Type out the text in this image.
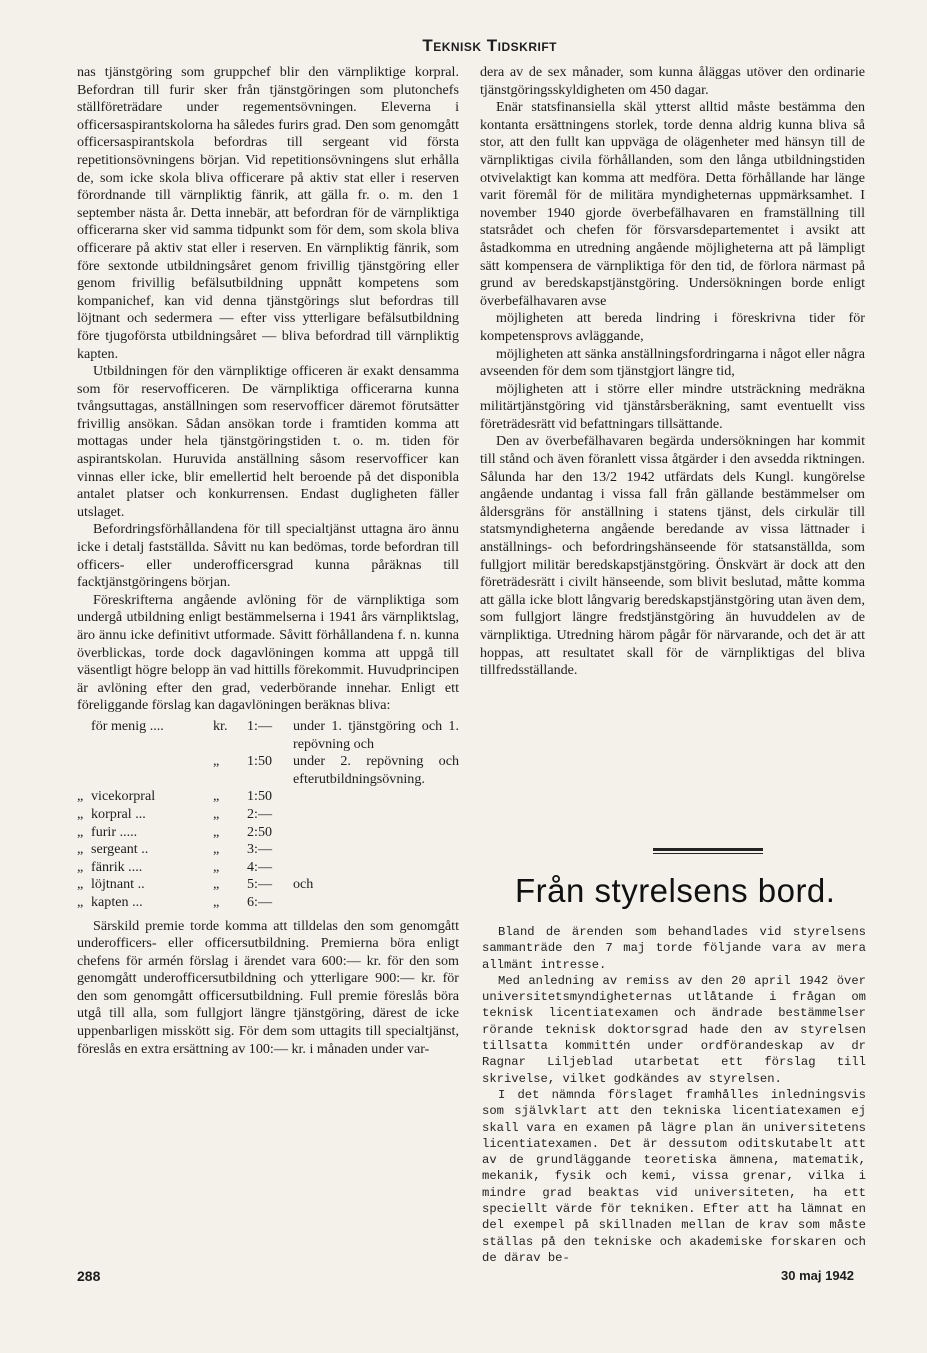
Teknisk Tidskrift

nas tjänstgöring som gruppchef blir den värnpliktige korpral. Befordran till furir sker från tjänstgöringen som plutonchefs ställföreträdare under regementsövningen. Eleverna i officersaspirantskolorna ha således furirs grad. Den som genomgått officersaspirantskola befordras till sergeant vid första repetitionsövningens början. Vid repetitionsövningens slut erhålla de, som icke skola bliva officerare på aktiv stat eller i reserven förordnande till värnpliktig fänrik, att gälla fr. o. m. den 1 september nästa år. Detta innebär, att befordran för de värnpliktiga officerarna sker vid samma tidpunkt som för dem, som skola bliva officerare på aktiv stat eller i reserven. En värnpliktig fänrik, som före sextonde utbildningsåret genom frivillig tjänstgöring eller genom frivillig befälsutbildning uppnått kompetens som kompanichef, kan vid denna tjänstgörings slut befordras till löjtnant och sedermera — efter viss ytterligare befälsutbildning före tjugoförsta utbildningsåret — bliva befordrad till värnpliktig kapten.

Utbildningen för den värnpliktige officeren är exakt densamma som för reservofficeren. De värnpliktiga officerarna kunna tvångsuttagas, anställningen som reservofficer däremot förutsätter frivillig ansökan. Sådan ansökan torde i framtiden komma att mottagas under hela tjänstgöringstiden t. o. m. tiden för aspirantskolan. Huruvida anställning såsom reservofficer kan vinnas eller icke, blir emellertid helt beroende på det disponibla antalet platser och konkurrensen. Endast dugligheten fäller utslaget.

Befordringsförhållandena för till specialtjänst uttagna äro ännu icke i detalj fastställda. Såvitt nu kan bedömas, torde befordran till officers- eller underofficersgrad kunna påräknas till facktjänstgöringens början.

Föreskrifterna angående avlöning för de värnpliktiga som undergå utbildning enligt bestämmelserna i 1941 års värnpliktslag, äro ännu icke definitivt utformade. Såvitt förhållandena f. n. kunna överblickas, torde dock dagavlöningen komma att uppgå till väsentligt högre belopp än vad hittills förekommit. Huvudprincipen är avlöning efter den grad, vederbörande innehar. Enligt ett föreliggande förslag kan dagavlöningen beräknas bliva:

	för menig ....	kr.	1:—	under 1. tjänstgöring och 1. repövning och
		„	1:50	under 2. repövning och efterutbildningsövning.
„	vicekorpral	„	1:50	
„	korpral ...	„	2:—	
„	furir .....	„	2:50	
„	sergeant ..	„	3:—	
„	fänrik ....	„	4:—	
„	löjtnant ..	„	5:—	och
„	kapten ...	„	6:—	

Särskild premie torde komma att tilldelas den som genomgått underofficers- eller officersutbildning. Premierna böra enligt chefens för armén förslag i ärendet vara 600:— kr. för den som genomgått underofficersutbildning och ytterligare 900:— kr. för den som genomgått officersutbildning. Full premie föreslås böra utgå till alla, som fullgjort längre tjänstgöring, därest de icke uppenbarligen misskött sig. För dem som uttagits till specialtjänst, föreslås en extra ersättning av 100:— kr. i månaden under var-

dera av de sex månader, som kunna åläggas utöver den ordinarie tjänstgöringsskyldigheten om 450 dagar.

Enär statsfinansiella skäl ytterst alltid måste bestämma den kontanta ersättningens storlek, torde denna aldrig kunna bliva så stor, att den fullt kan uppväga de olägenheter med hänsyn till de värnpliktigas civila förhållanden, som den långa utbildningstiden otvivelaktigt kan komma att medföra. Detta förhållande har länge varit föremål för de militära myndigheternas uppmärksamhet. I november 1940 gjorde överbefälhavaren en framställning till statsrådet och chefen för försvarsdepartementet i avsikt att åstadkomma en utredning angående möjligheterna att på lämpligt sätt kompensera de värnpliktiga för den tid, de förlora närmast på grund av beredskapstjänstgöring. Undersökningen borde enligt överbefälhavaren avse

möjligheten att bereda lindring i föreskrivna tider för kompetensprovs avläggande,

möjligheten att sänka anställningsfordringarna i något eller några avseenden för dem som tjänstgjort längre tid,

möjligheten att i större eller mindre utsträckning medräkna militärtjänstgöring vid tjänstårsberäkning, samt eventuellt viss företrädesrätt vid befattningars tillsättande.

Den av överbefälhavaren begärda undersökningen har kommit till stånd och även föranlett vissa åtgärder i den avsedda riktningen. Sålunda har den 13/2 1942 utfärdats dels Kungl. kungörelse angående undantag i vissa fall från gällande bestämmelser om åldersgräns för anställning i statens tjänst, dels cirkulär till statsmyndigheterna angående beredande av vissa lättnader i anställnings- och befordringshänseende för statsanställda, som fullgjort militär beredskapstjänstgöring. Önskvärt är dock att den företrädesrätt i civilt hänseende, som blivit beslutad, måtte komma att gälla icke blott långvarig beredskapstjänstgöring utan även dem, som fullgjort längre fredstjänstgöring än huvuddelen av de värnpliktiga. Utredning härom pågår för närvarande, och det är att hoppas, att resultatet skall för de värnpliktigas del bliva tillfredsställande.

Från styrelsens bord.

Bland de ärenden som behandlades vid styrelsens sammanträde den 7 maj torde följande vara av mera allmänt intresse.

Med anledning av remiss av den 20 april 1942 över universitetsmyndigheternas utlåtande i frågan om teknisk licentiatexamen och ändrade bestämmelser rörande teknisk doktorsgrad hade den av styrelsen tillsatta kommittén under ordförandeskap av dr Ragnar Liljeblad utarbetat ett förslag till skrivelse, vilket godkändes av styrelsen.

I det nämnda förslaget framhålles inledningsvis som självklart att den tekniska licentiatexamen ej skall vara en examen på lägre plan än universitetens licentiatexamen. Det är dessutom oditskutabelt att av de grundläggande teoretiska ämnena, matematik, mekanik, fysik och kemi, vissa grenar, vilka i mindre grad beaktas vid universiteten, ha ett speciellt värde för tekniken. Efter att ha lämnat en del exempel på skillnaden mellan de krav som måste ställas på den tekniske och akademiske forskaren och de därav be-

288	30 maj 1942
